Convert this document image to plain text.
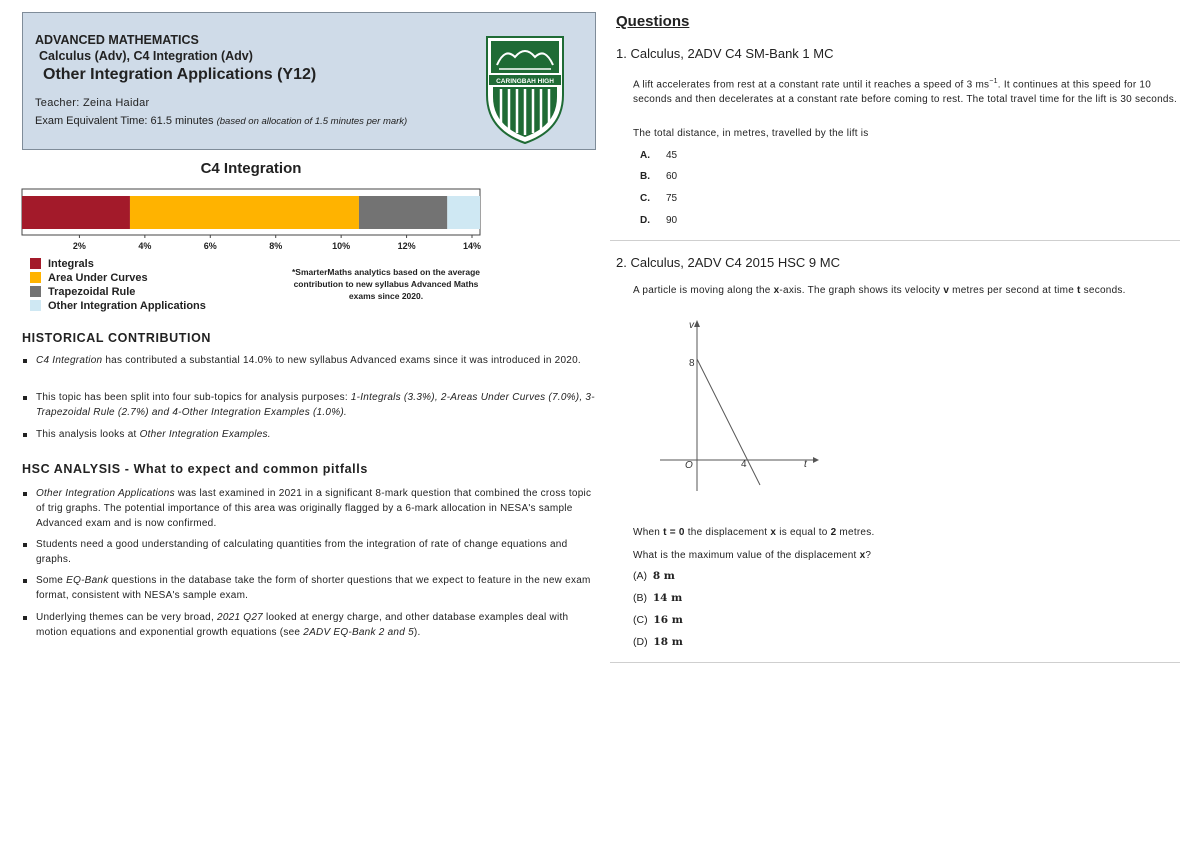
ADVANCED MATHEMATICS
Calculus (Adv), C4 Integration (Adv)
Other Integration Applications (Y12)
Teacher: Zeina Haidar
Exam Equivalent Time: 61.5 minutes (based on allocation of 1.5 minutes per mark)
CARINGBAH HIGH
C4 Integration
2%	4%	6%	8%	10%	12%	14%
Integrals
Area Under Curves
Trapezoidal Rule
Other Integration Applications
*SmarterMaths analytics based on the average contribution to new syllabus Advanced Maths exams since 2020.
HISTORICAL CONTRIBUTION
C4 Integration has contributed a substantial 14.0% to new syllabus Advanced exams since it was introduced in 2020.
This topic has been split into four sub-topics for analysis purposes: 1-Integrals (3.3%), 2-Areas Under Curves (7.0%), 3-Trapezoidal Rule (2.7%) and 4-Other Integration Examples (1.0%).
This analysis looks at Other Integration Examples.
HSC ANALYSIS - What to expect and common pitfalls
Other Integration Applications was last examined in 2021 in a significant 8-mark question that combined the cross topic of trig graphs. The potential importance of this area was originally flagged by a 6-mark allocation in NESA's sample Advanced exam and is now confirmed.
Students need a good understanding of calculating quantities from the integration of rate of change equations and graphs.
Some EQ-Bank questions in the database take the form of shorter questions that we expect to feature in the new exam format, consistent with NESA's sample exam.
Underlying themes can be very broad, 2021 Q27 looked at energy charge, and other database examples deal with motion equations and exponential growth equations (see 2ADV EQ-Bank 2 and 5).
Questions
1. Calculus, 2ADV C4 SM-Bank 1 MC
A lift accelerates from rest at a constant rate until it reaches a speed of 3 $ms^{-1}$. It continues at this speed for 10 seconds and then decelerates at a constant rate before coming to rest. The total travel time for the lift is 30 seconds.
The total distance, in metres, travelled by the lift is
A. 45
B. 60
C. 75
D. 90
2. Calculus, 2ADV C4 2015 HSC 9 MC
A particle is moving along the x-axis. The graph shows its velocity v metres per second at time t seconds.
v
t
O
8
4
When t = 0 the displacement x is equal to 2 metres.
What is the maximum value of the displacement x?
(A) 8 m
(B) 14 m
(C) 16 m
(D) 18 m
